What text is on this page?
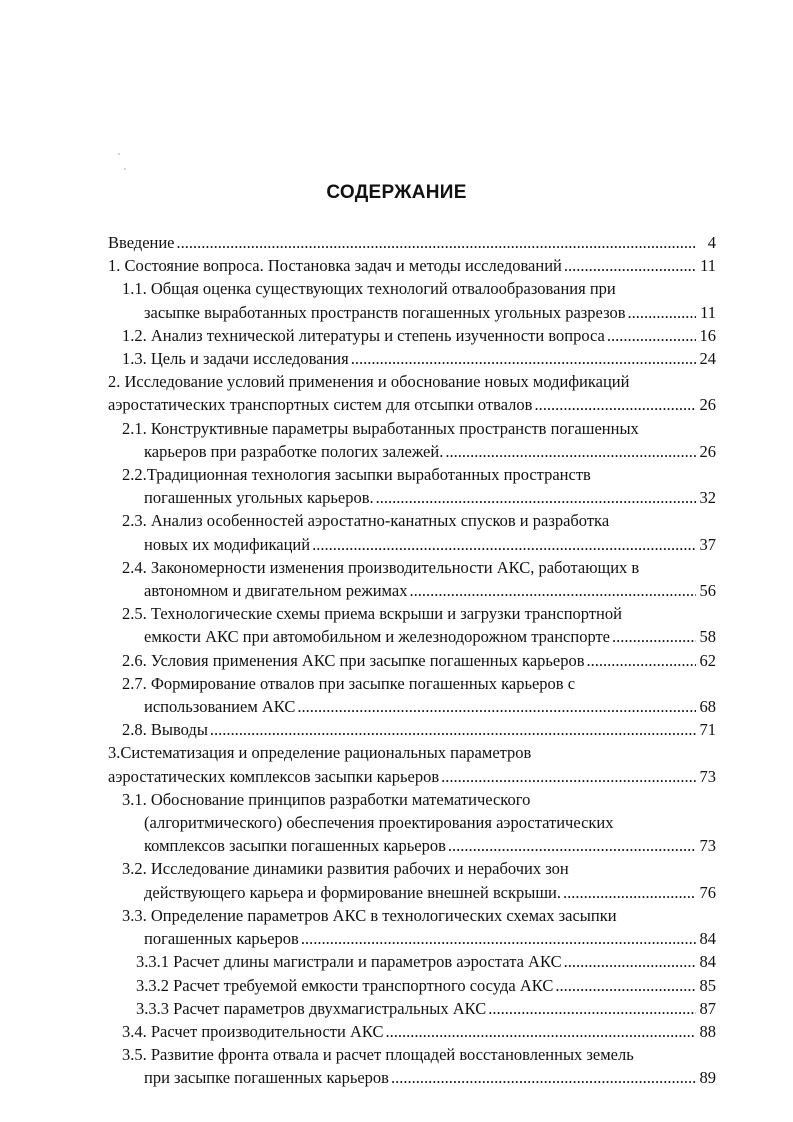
СОДЕРЖАНИЕ
Введение .....	4
1. Состояние вопроса. Постановка задач и методы исследований .....	11
1.1. Общая оценка существующих технологий отвалообразования при
засыпке выработанных пространств погашенных угольных разрезов .....	11
1.2. Анализ технической литературы и степень изученности вопроса .....	16
1.3. Цель и задачи исследования .....	24
2. Исследование условий применения и обоснование новых модификаций
аэростатических транспортных систем для отсыпки отвалов .....	26
2.1. Конструктивные параметры выработанных пространств погашенных
карьеров при разработке пологих залежей. .....	26
2.2.Традиционная технология засыпки выработанных пространств
погашенных угольных карьеров. .....	32
2.3. Анализ особенностей аэростатно-канатных спусков и разработка
новых их модификаций .....	37
2.4. Закономерности изменения производительности АКС, работающих в
автономном и двигательном режимах .....	56
2.5. Технологические схемы приема вскрыши и загрузки транспортной
емкости АКС при автомобильном и железнодорожном транспорте .....	58
2.6. Условия применения АКС при засыпке погашенных карьеров .....	62
2.7. Формирование отвалов при засыпке погашенных карьеров с
использованием АКС .....	68
2.8. Выводы .....	71
3.Систематизация и определение рациональных параметров
аэростатических комплексов засыпки карьеров .....	73
3.1. Обоснование принципов разработки математического
(алгоритмического) обеспечения проектирования аэростатических
комплексов засыпки погашенных карьеров .....	73
3.2. Исследование динамики развития рабочих и нерабочих зон
действующего карьера и формирование внешней вскрыши. .....	76
3.3. Определение параметров АКС в технологических схемах засыпки
погашенных карьеров .....	84
3.3.1 Расчет длины магистрали и параметров аэростата АКС .....	84
3.3.2 Расчет требуемой емкости транспортного сосуда АКС .....	85
3.3.3 Расчет параметров двухмагистральных АКС .....	87
3.4. Расчет производительности АКС .....	88
3.5. Развитие фронта отвала и расчет площадей восстановленных земель
при засыпке погашенных карьеров .....	89
